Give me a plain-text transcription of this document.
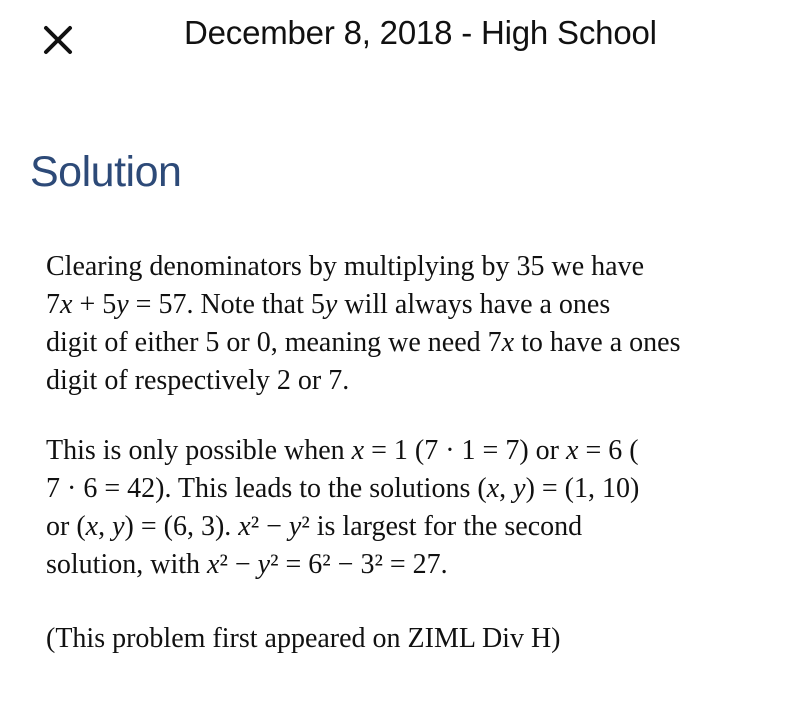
December 8, 2018 - High School
Solution

Clearing denominators by multiplying by 35 we have
7x + 5y = 57. Note that 5y will always have a ones
digit of either 5 or 0, meaning we need 7x to have a ones
digit of respectively 2 or 7.

This is only possible when x = 1 (7 · 1 = 7) or x = 6 (
7 · 6 = 42). This leads to the solutions (x, y) = (1, 10)
or (x, y) = (6, 3). x² − y² is largest for the second
solution, with x² − y² = 6² − 3² = 27.

(This problem first appeared on ZIML Div H)
